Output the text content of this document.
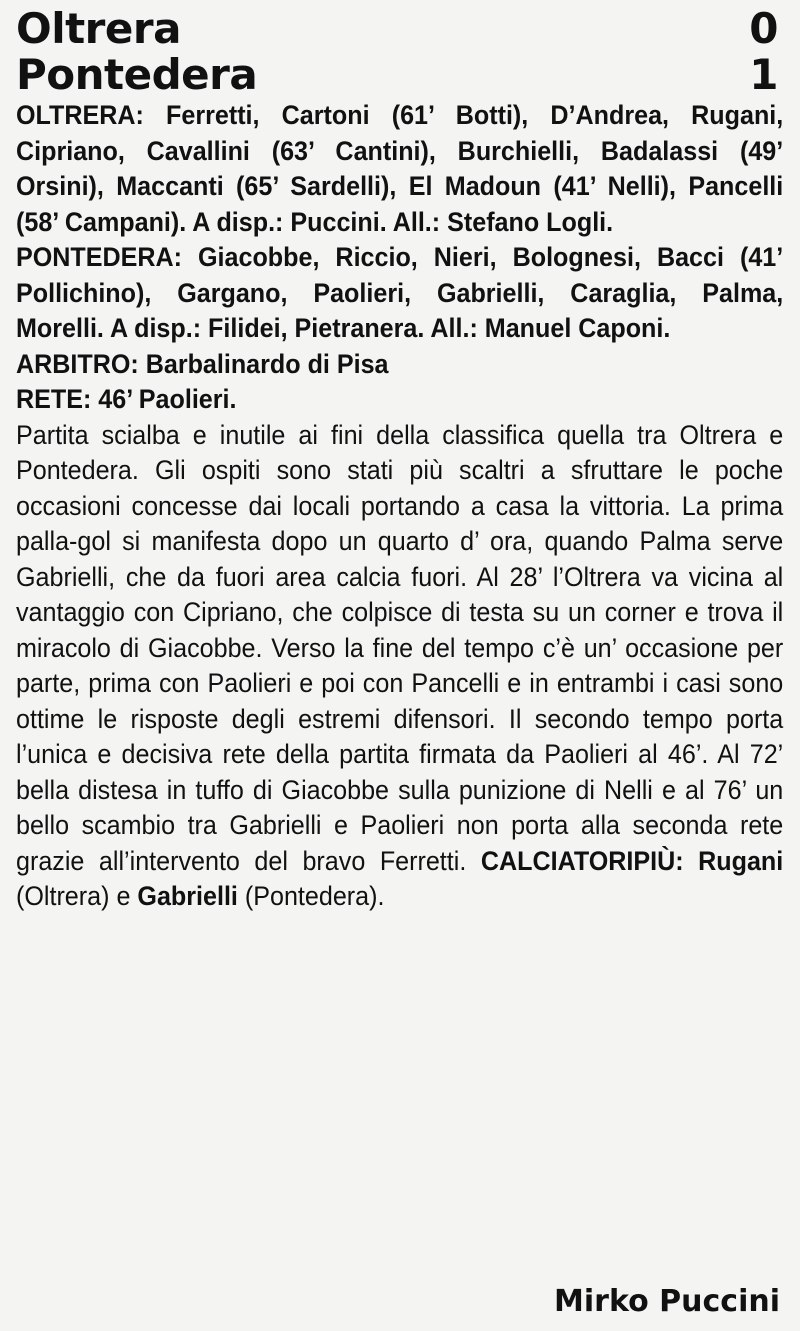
Oltrera	0
Pontedera	1

OLTRERA: Ferretti, Cartoni (61’ Botti), D’Andrea, Rugani, Cipriano, Cavallini (63’ Cantini), Burchielli, Badalassi (49’ Orsini), Maccanti (65’ Sardelli), El Madoun (41’ Nelli), Pancelli (58’ Campani). A disp.: Puccini. All.: Stefano Logli.

PONTEDERA: Giacobbe, Riccio, Nieri, Bolognesi, Bacci (41’ Pollichino), Gargano, Paolieri, Gabrielli, Caraglia, Palma, Morelli. A disp.: Filidei, Pietranera. All.: Manuel Caponi.

ARBITRO: Barbalinardo di Pisa

RETE: 46’ Paolieri.

Partita scialba e inutile ai fini della classifica quella tra Oltrera e Pontedera. Gli ospiti sono stati più scaltri a sfruttare le poche occasioni concesse dai locali portando a casa la vittoria. La prima palla-gol si manifesta dopo un quarto d’ ora, quando Palma serve Gabrielli, che da fuori area calcia fuori. Al 28’ l’Oltrera va vicina al vantaggio con Cipriano, che colpisce di testa su un corner e trova il miracolo di Giacobbe. Verso la fine del tempo c’è un’ occasione per parte, prima con Paolieri e poi con Pancelli e in entrambi i casi sono ottime le risposte degli estremi difensori. Il secondo tempo porta l’unica e decisiva rete della partita firmata da Paolieri al 46’. Al 72’ bella distesa in tuffo di Giacobbe sulla punizione di Nelli e al 76’ un bello scambio tra Gabrielli e Paolieri non porta alla seconda rete grazie all’intervento del bravo Ferretti. CALCIATORIPIÙ: Rugani (Oltrera) e Gabrielli (Pontedera).

Mirko Puccini
